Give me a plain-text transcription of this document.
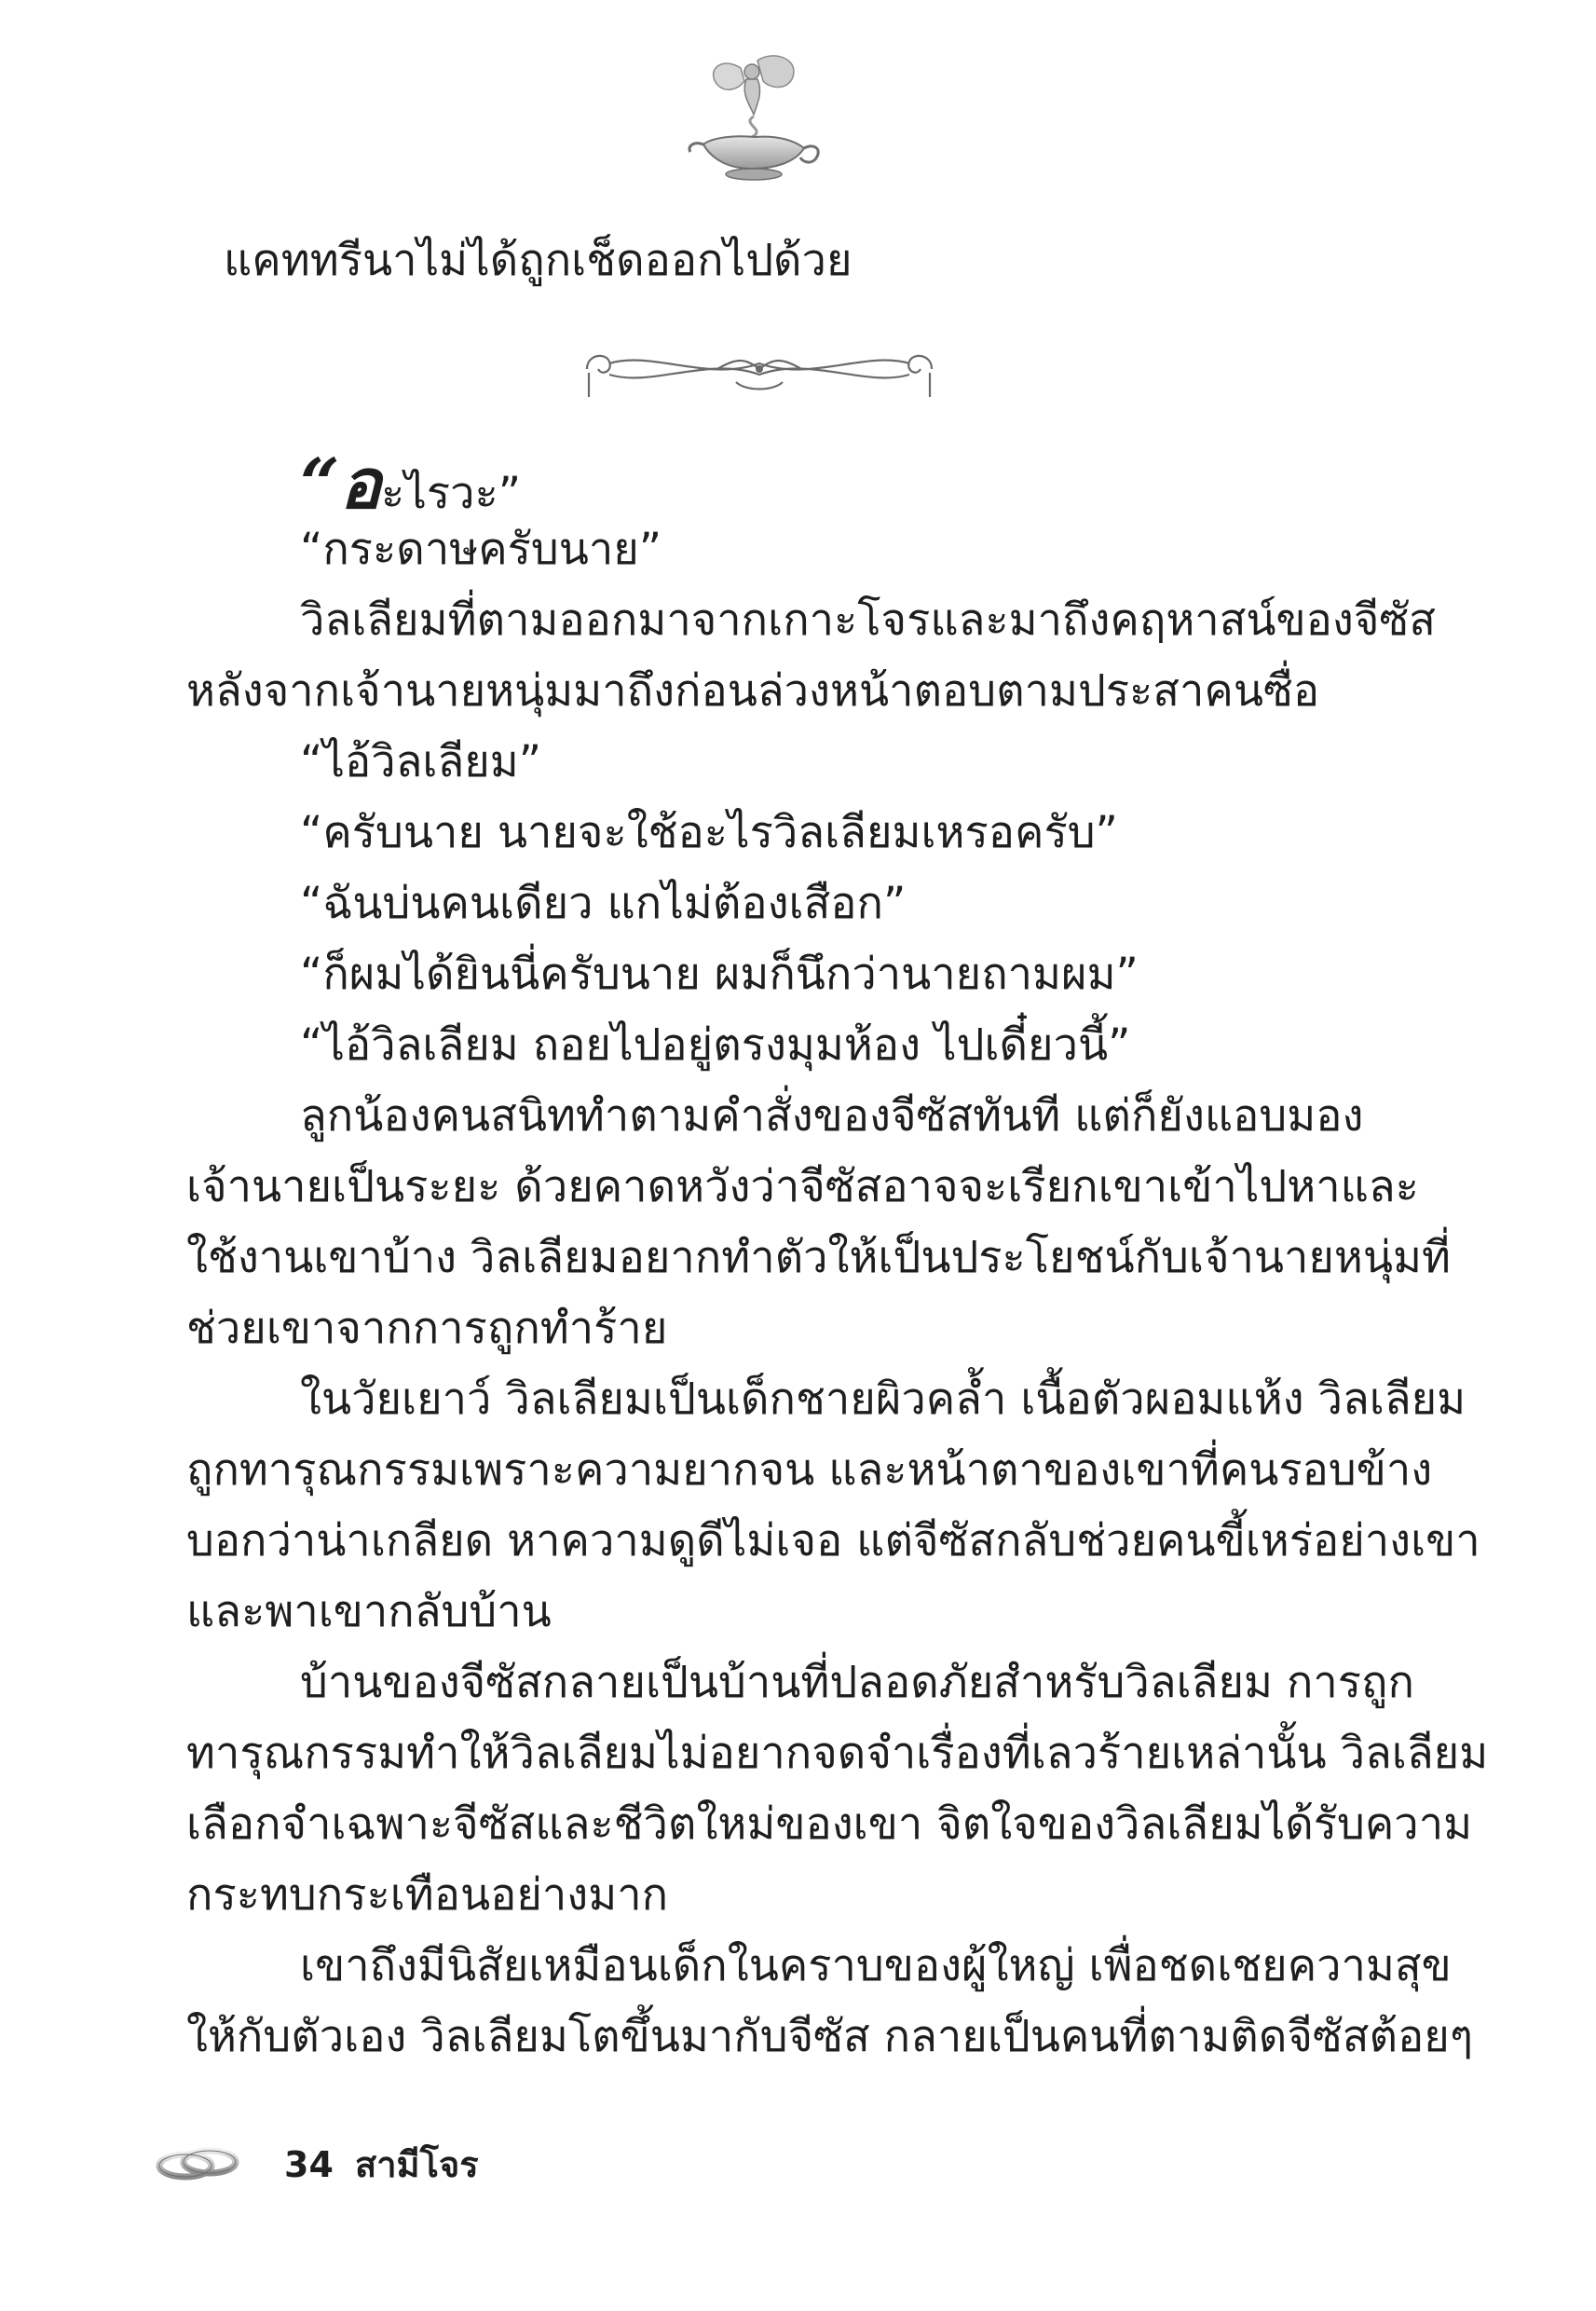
แคททรีนาไม่ได้ถูกเช็ดออกไปด้วย
“อะไรวะ”
“กระดาษครับนาย”
วิลเลียมที่ตามออกมาจากเกาะโจรและมาถึงคฤหาสน์ของจีซัส
หลังจากเจ้านายหนุ่มมาถึงก่อนล่วงหน้าตอบตามประสาคนซื่อ
“ไอ้วิลเลียม”
“ครับนาย นายจะใช้อะไรวิลเลียมเหรอครับ”
“ฉันบ่นคนเดียว แกไม่ต้องเสือก”
“ก็ผมได้ยินนี่ครับนาย ผมก็นึกว่านายถามผม”
“ไอ้วิลเลียม ถอยไปอยู่ตรงมุมห้อง ไปเดี๋ยวนี้”
ลูกน้องคนสนิททำตามคำสั่งของจีซัสทันที แต่ก็ยังแอบมอง
เจ้านายเป็นระยะ ด้วยคาดหวังว่าจีซัสอาจจะเรียกเขาเข้าไปหาและ
ใช้งานเขาบ้าง วิลเลียมอยากทำตัวให้เป็นประโยชน์กับเจ้านายหนุ่มที่
ช่วยเขาจากการถูกทำร้าย
ในวัยเยาว์ วิลเลียมเป็นเด็กชายผิวคล้ำ เนื้อตัวผอมแห้ง วิลเลียม
ถูกทารุณกรรมเพราะความยากจน และหน้าตาของเขาที่คนรอบข้าง
บอกว่าน่าเกลียด หาความดูดีไม่เจอ แต่จีซัสกลับช่วยคนขี้เหร่อย่างเขา
และพาเขากลับบ้าน
บ้านของจีซัสกลายเป็นบ้านที่ปลอดภัยสำหรับวิลเลียม การถูก
ทารุณกรรมทำให้วิลเลียมไม่อยากจดจำเรื่องที่เลวร้ายเหล่านั้น วิลเลียม
เลือกจำเฉพาะจีซัสและชีวิตใหม่ของเขา จิตใจของวิลเลียมได้รับความ
กระทบกระเทือนอย่างมาก
เขาถึงมีนิสัยเหมือนเด็กในคราบของผู้ใหญ่ เพื่อชดเชยความสุข
ให้กับตัวเอง วิลเลียมโตขึ้นมากับจีซัส กลายเป็นคนที่ตามติดจีซัสต้อยๆ
34 สามีโจร
